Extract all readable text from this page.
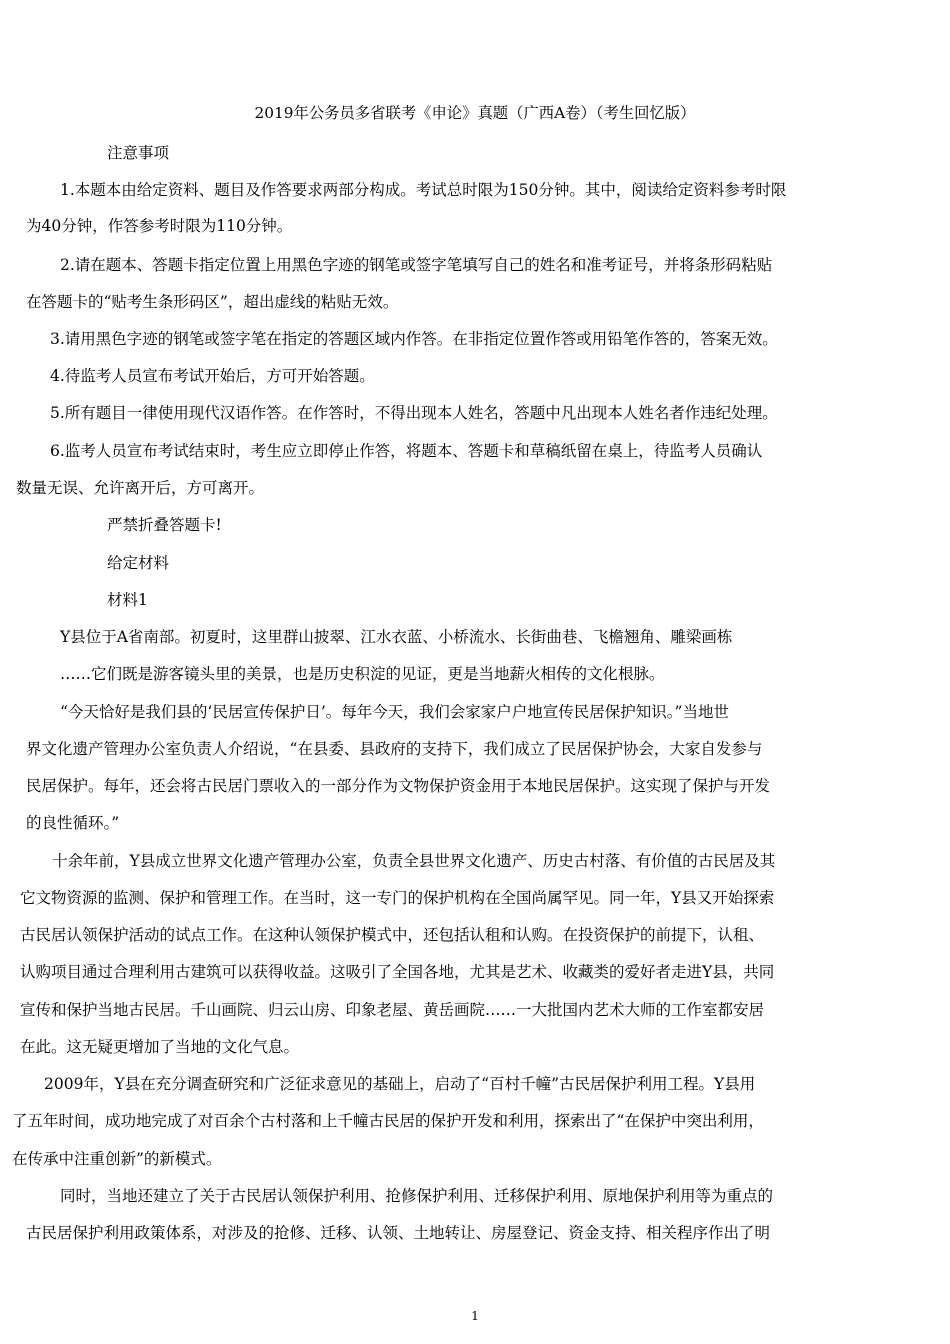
2019年公务员多省联考《申论》真题（广西A卷）（考生回忆版）
注意事项
1.本题本由给定资料、题目及作答要求两部分构成。考试总时限为150分钟。其中，阅读给定资料参考时限
为40分钟，作答参考时限为110分钟。
2.请在题本、答题卡指定位置上用黑色字迹的钢笔或签字笔填写自己的姓名和准考证号，并将条形码粘贴
在答题卡的“贴考生条形码区”，超出虚线的粘贴无效。
3.请用黑色字迹的钢笔或签字笔在指定的答题区域内作答。在非指定位置作答或用铅笔作答的，答案无效。
4.待监考人员宣布考试开始后，方可开始答题。
5.所有题目一律使用现代汉语作答。在作答时，不得出现本人姓名，答题中凡出现本人姓名者作违纪处理。
6.监考人员宣布考试结束时，考生应立即停止作答，将题本、答题卡和草稿纸留在桌上，待监考人员确认
数量无误、允许离开后，方可离开。
严禁折叠答题卡!
给定材料
材料1
Y县位于A省南部。初夏时，这里群山披翠、江水衣蓝、小桥流水、长街曲巷、飞檐翘角、雕梁画栋
……它们既是游客镜头里的美景，也是历史积淀的见证，更是当地薪火相传的文化根脉。
“今天恰好是我们县的‘民居宣传保护日’。每年今天，我们会家家户户地宣传民居保护知识。”当地世
界文化遗产管理办公室负责人介绍说，“在县委、县政府的支持下，我们成立了民居保护协会，大家自发参与
民居保护。每年，还会将古民居门票收入的一部分作为文物保护资金用于本地民居保护。这实现了保护与开发
的良性循环。”
十余年前，Y县成立世界文化遗产管理办公室，负责全县世界文化遗产、历史古村落、有价值的古民居及其
它文物资源的监测、保护和管理工作。在当时，这一专门的保护机构在全国尚属罕见。同一年，Y县又开始探索
古民居认领保护活动的试点工作。在这种认领保护模式中，还包括认租和认购。在投资保护的前提下，认租、
认购项目通过合理利用古建筑可以获得收益。这吸引了全国各地，尤其是艺术、收藏类的爱好者走进Y县，共同
宣传和保护当地古民居。千山画院、归云山房、印象老屋、黄岳画院……一大批国内艺术大师的工作室都安居
在此。这无疑更增加了当地的文化气息。
2009年，Y县在充分调查研究和广泛征求意见的基础上，启动了“百村千幢”古民居保护利用工程。Y县用
了五年时间，成功地完成了对百余个古村落和上千幢古民居的保护开发和利用，探索出了“在保护中突出利用，
在传承中注重创新”的新模式。
同时，当地还建立了关于古民居认领保护利用、抢修保护利用、迁移保护利用、原地保护利用等为重点的
古民居保护利用政策体系，对涉及的抢修、迁移、认领、土地转让、房屋登记、资金支持、相关程序作出了明
1
